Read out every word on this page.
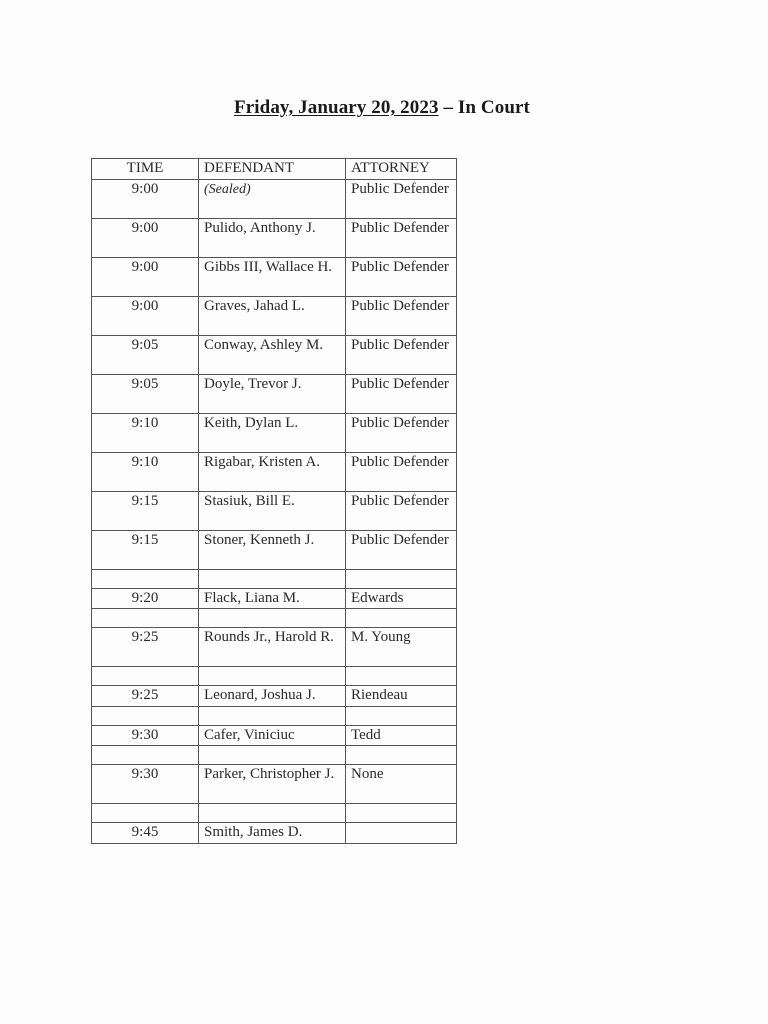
Friday, January 20, 2023 – In Court
TIME	DEFENDANT	ATTORNEY
9:00	(Sealed)	Public Defender
9:00	Pulido, Anthony J.	Public Defender
9:00	Gibbs III, Wallace H.	Public Defender
9:00	Graves, Jahad L.	Public Defender
9:05	Conway, Ashley M.	Public Defender
9:05	Doyle, Trevor J.	Public Defender
9:10	Keith, Dylan L.	Public Defender
9:10	Rigabar, Kristen A.	Public Defender
9:15	Stasiuk, Bill E.	Public Defender
9:15	Stoner, Kenneth J.	Public Defender

9:20	Flack, Liana M.	Edwards

9:25	Rounds Jr., Harold R.	M. Young

9:25	Leonard, Joshua J.	Riendeau

9:30	Cafer, Viniciuc	Tedd

9:30	Parker, Christopher J.	None

9:45	Smith, James D.	
